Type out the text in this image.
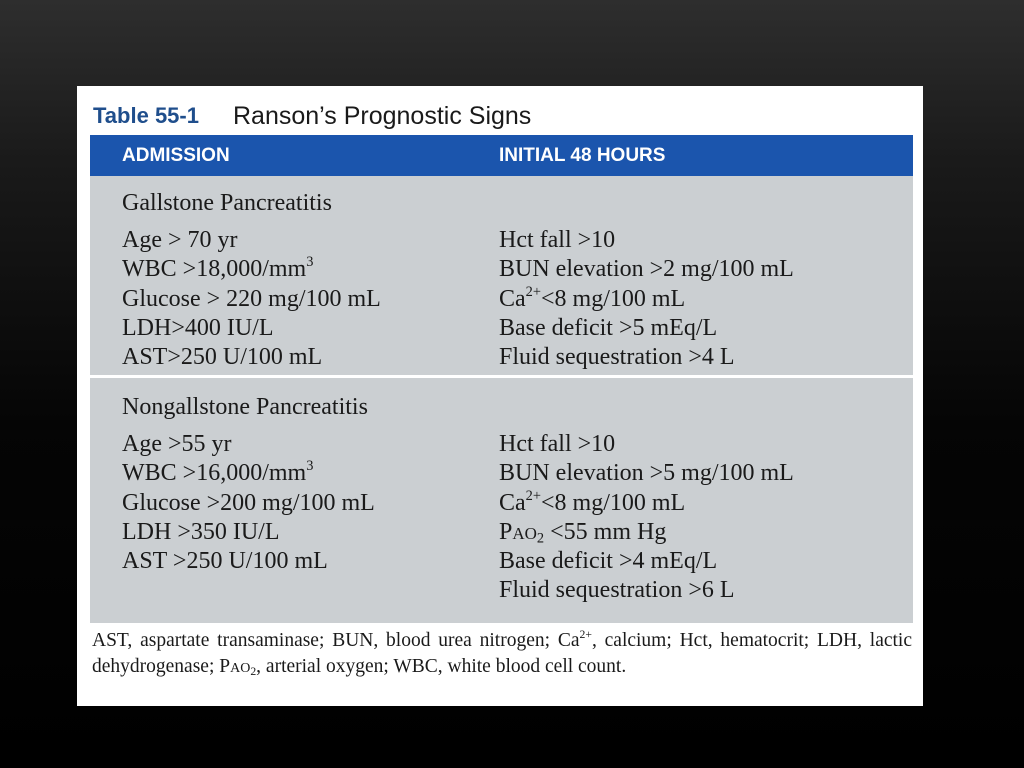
Table 55-1 Ranson’s Prognostic Signs
ADMISSION	INITIAL 48 HOURS
Gallstone Pancreatitis
Age > 70 yr
WBC $>18,000/mm^3$
Glucose > 220 mg/100 mL
LDH>400 IU/L
AST>250 U/100 mL
Hct fall >10
BUN elevation >2 mg/100 mL
$Ca^{2+}<8$ mg/100 mL
Base deficit >5 mEq/L
Fluid sequestration >4 L
Nongallstone Pancreatitis
Age >55 yr
WBC $>16,000/mm^3$
Glucose >200 mg/100 mL
LDH >350 IU/L
AST >250 U/100 mL
Hct fall >10
BUN elevation >5 mg/100 mL
$Ca^{2+}<8$ mg/100 mL
Pao$_2$ <55 mm Hg
Base deficit >4 mEq/L
Fluid sequestration >6 L
AST, aspartate transaminase; BUN, blood urea nitrogen; $Ca^{2+}$, calcium; Hct, hematocrit; LDH, lactic dehydrogenase; Pao$_2$, arterial oxygen; WBC, white blood cell count.
